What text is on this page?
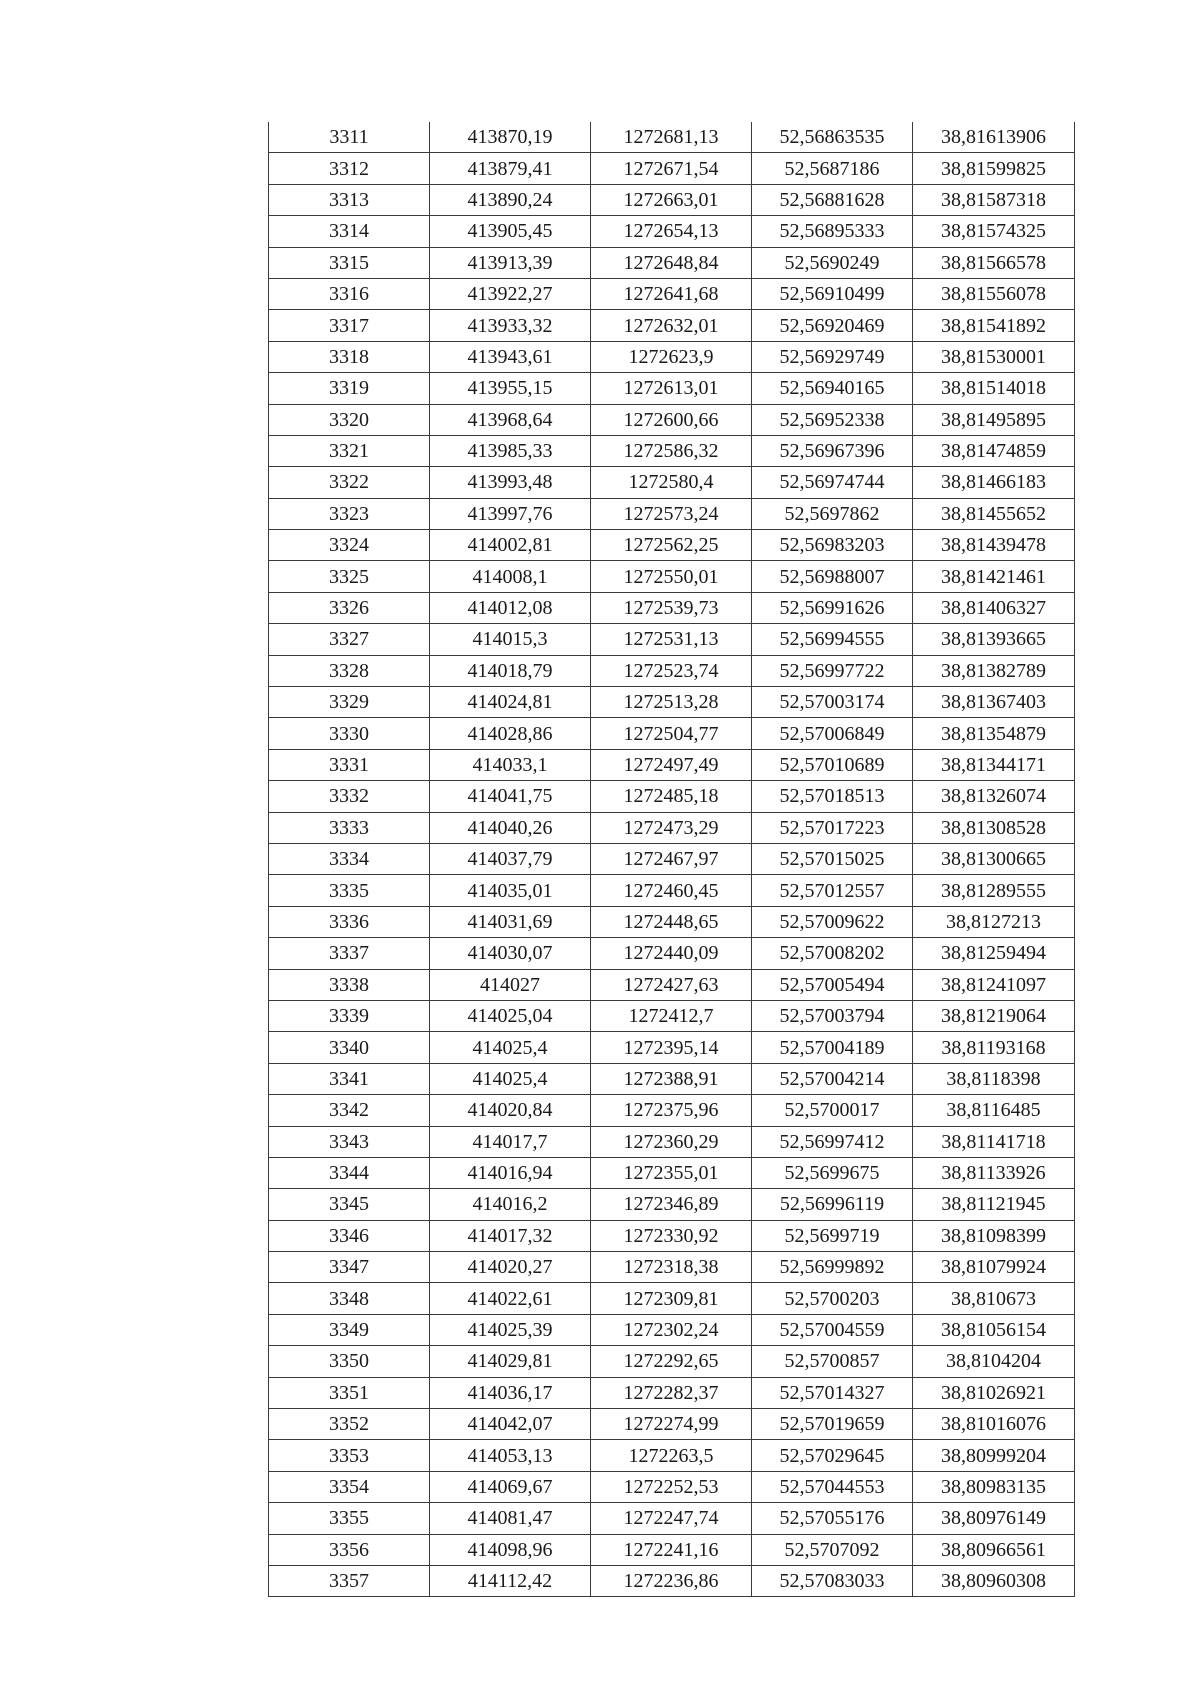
3311	413870,19	1272681,13	52,56863535	38,81613906
3312	413879,41	1272671,54	52,5687186	38,81599825
3313	413890,24	1272663,01	52,56881628	38,81587318
3314	413905,45	1272654,13	52,56895333	38,81574325
3315	413913,39	1272648,84	52,5690249	38,81566578
3316	413922,27	1272641,68	52,56910499	38,81556078
3317	413933,32	1272632,01	52,56920469	38,81541892
3318	413943,61	1272623,9	52,56929749	38,81530001
3319	413955,15	1272613,01	52,56940165	38,81514018
3320	413968,64	1272600,66	52,56952338	38,81495895
3321	413985,33	1272586,32	52,56967396	38,81474859
3322	413993,48	1272580,4	52,56974744	38,81466183
3323	413997,76	1272573,24	52,5697862	38,81455652
3324	414002,81	1272562,25	52,56983203	38,81439478
3325	414008,1	1272550,01	52,56988007	38,81421461
3326	414012,08	1272539,73	52,56991626	38,81406327
3327	414015,3	1272531,13	52,56994555	38,81393665
3328	414018,79	1272523,74	52,56997722	38,81382789
3329	414024,81	1272513,28	52,57003174	38,81367403
3330	414028,86	1272504,77	52,57006849	38,81354879
3331	414033,1	1272497,49	52,57010689	38,81344171
3332	414041,75	1272485,18	52,57018513	38,81326074
3333	414040,26	1272473,29	52,57017223	38,81308528
3334	414037,79	1272467,97	52,57015025	38,81300665
3335	414035,01	1272460,45	52,57012557	38,81289555
3336	414031,69	1272448,65	52,57009622	38,8127213
3337	414030,07	1272440,09	52,57008202	38,81259494
3338	414027	1272427,63	52,57005494	38,81241097
3339	414025,04	1272412,7	52,57003794	38,81219064
3340	414025,4	1272395,14	52,57004189	38,81193168
3341	414025,4	1272388,91	52,57004214	38,8118398
3342	414020,84	1272375,96	52,5700017	38,8116485
3343	414017,7	1272360,29	52,56997412	38,81141718
3344	414016,94	1272355,01	52,5699675	38,81133926
3345	414016,2	1272346,89	52,56996119	38,81121945
3346	414017,32	1272330,92	52,5699719	38,81098399
3347	414020,27	1272318,38	52,56999892	38,81079924
3348	414022,61	1272309,81	52,5700203	38,810673
3349	414025,39	1272302,24	52,57004559	38,81056154
3350	414029,81	1272292,65	52,5700857	38,8104204
3351	414036,17	1272282,37	52,57014327	38,81026921
3352	414042,07	1272274,99	52,57019659	38,81016076
3353	414053,13	1272263,5	52,57029645	38,80999204
3354	414069,67	1272252,53	52,57044553	38,80983135
3355	414081,47	1272247,74	52,57055176	38,80976149
3356	414098,96	1272241,16	52,5707092	38,80966561
3357	414112,42	1272236,86	52,57083033	38,80960308
